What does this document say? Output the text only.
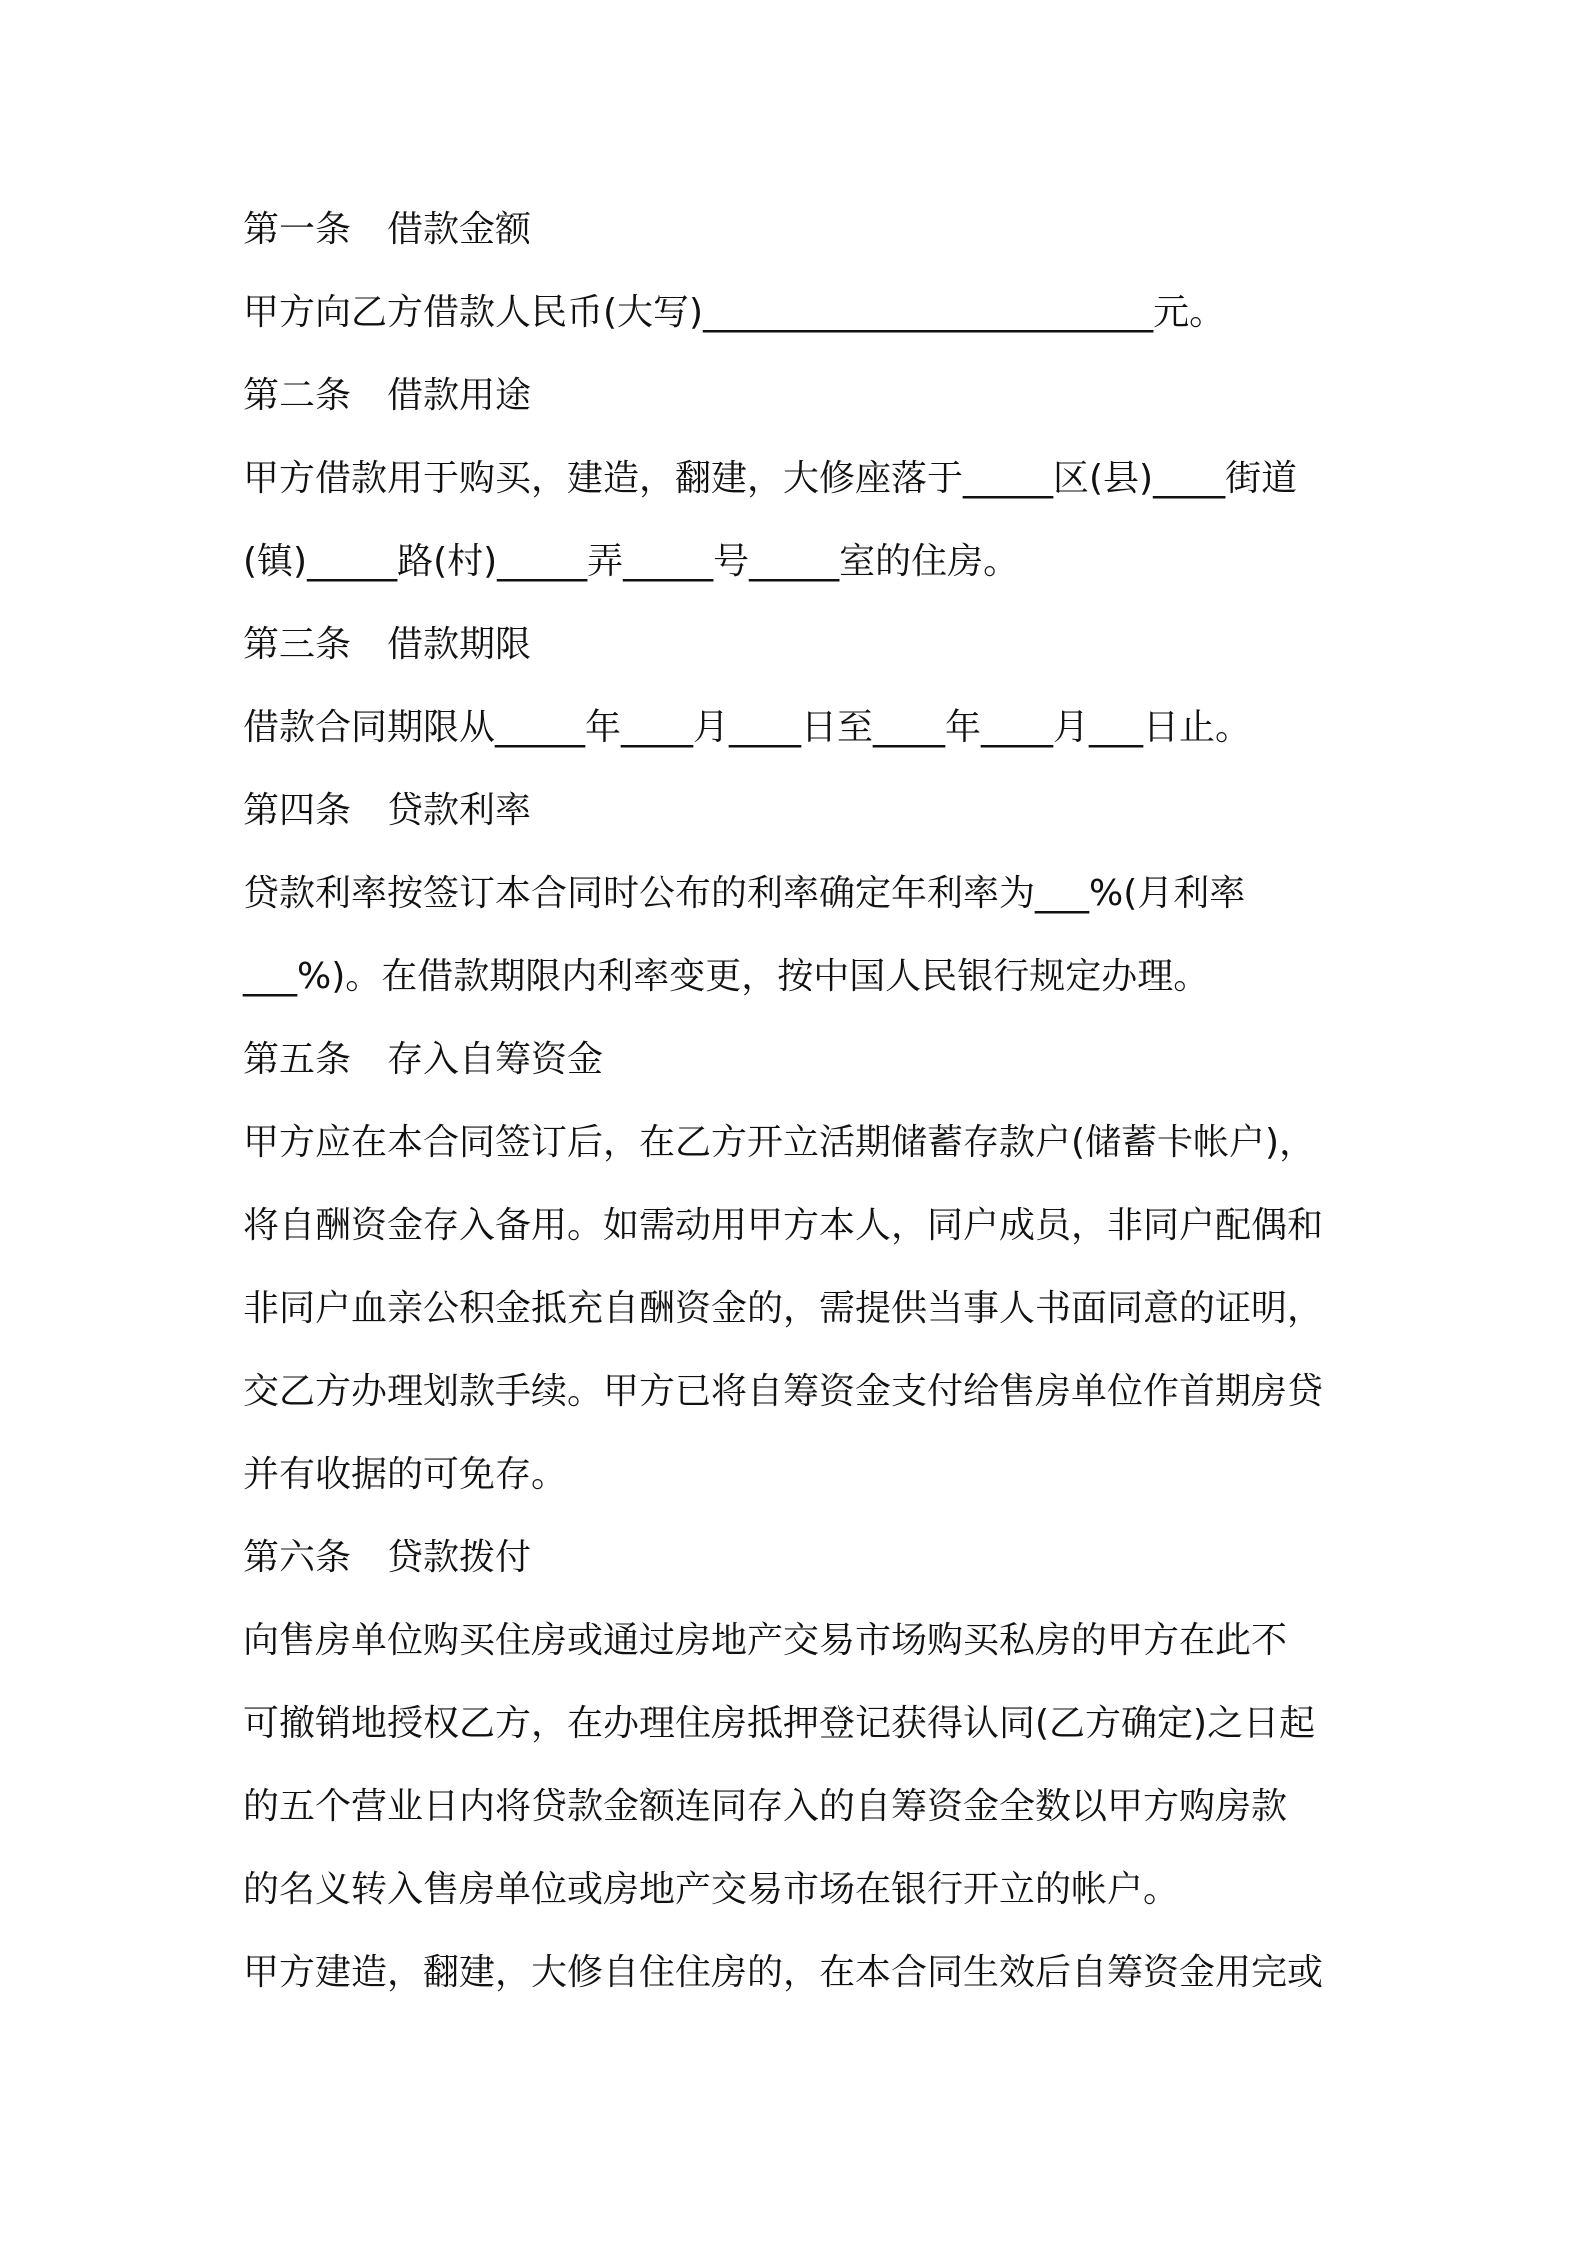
第一条 借款金额
甲方向乙方借款人民币(大写)_________________________元。
第二条 借款用途
甲方借款用于购买，建造，翻建，大修座落于_____区(县)____街道
(镇)_____路(村)_____弄_____号_____室的住房。
第三条 借款期限
借款合同期限从_____年____月____日至____年____月___日止。
第四条 贷款利率
贷款利率按签订本合同时公布的利率确定年利率为___%(月利率
___%)。在借款期限内利率变更，按中国人民银行规定办理。
第五条 存入自筹资金
甲方应在本合同签订后，在乙方开立活期储蓄存款户(储蓄卡帐户)，
将自酬资金存入备用。如需动用甲方本人，同户成员，非同户配偶和
非同户血亲公积金抵充自酬资金的，需提供当事人书面同意的证明，
交乙方办理划款手续。甲方已将自筹资金支付给售房单位作首期房贷
并有收据的可免存。
第六条 贷款拨付
向售房单位购买住房或通过房地产交易市场购买私房的甲方在此不
可撤销地授权乙方，在办理住房抵押登记获得认同(乙方确定)之日起
的五个营业日内将贷款金额连同存入的自筹资金全数以甲方购房款
的名义转入售房单位或房地产交易市场在银行开立的帐户。
甲方建造，翻建，大修自住住房的，在本合同生效后自筹资金用完或
